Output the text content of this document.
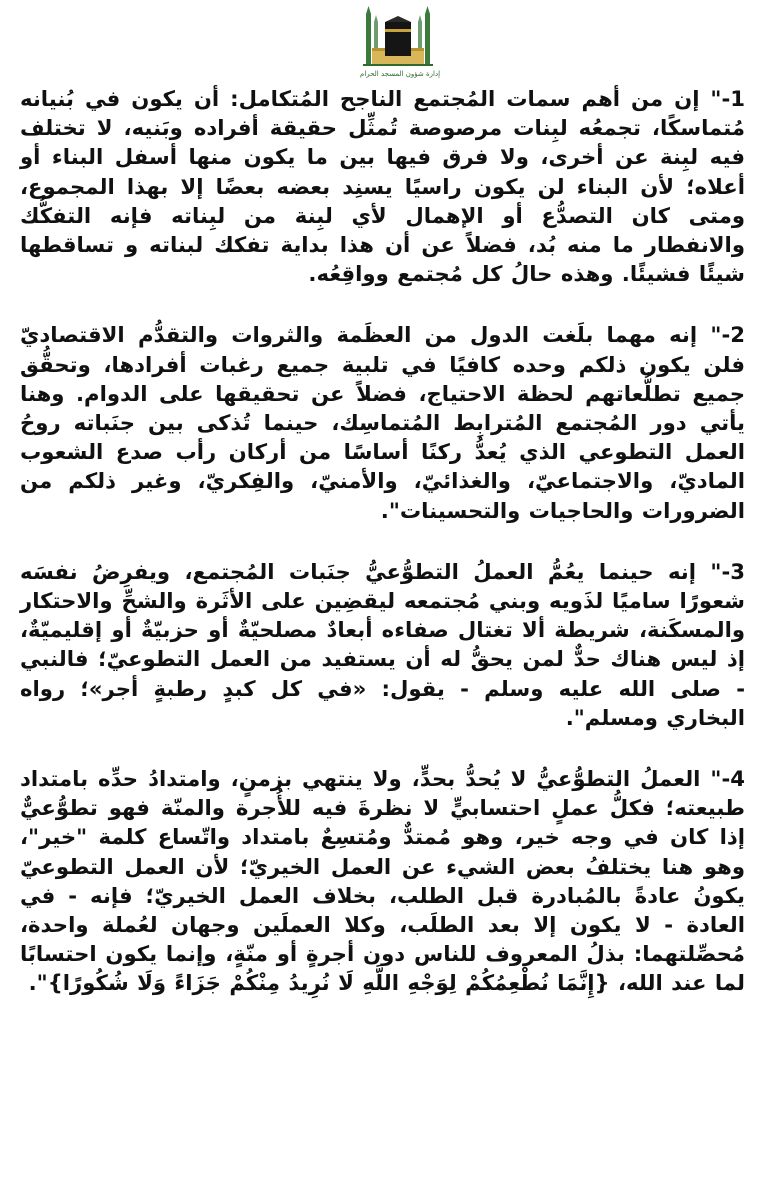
إدارة شؤون المسجد الحرام

1-" إن من أهم سمات المُجتمع الناجح المُتكامل: أن يكون في بُنيانه مُتماسكًا، تجمعُه لبِنات مرصوصة تُمثِّل حقيقة أفراده وبَنيه، لا تختلف فيه لبِنة عن أخرى، ولا فرق فيها بين ما يكون منها أسفل البناء أو أعلاه؛ لأن البناء لن يكون راسيًا يسنِد بعضه بعضًا إلا بهذا المجموع، ومتى كان التصدُّع أو الإهمال لأي لبِنة من لبِناته فإنه التفكُّك والانفطار ما منه بُد، فضلاً عن أن هذا بداية تفكك لبناته و تساقطها شيئًا فشيئًا. وهذه حالُ كل مُجتمع وواقِعُه.

2-" إنه مهما بلَغت الدول من العظَمة والثروات والتقدُّم الاقتصاديّ فلن يكون ذلكم وحده كافيًا في تلبية جميع رغبات أفرادها، وتحقُّق جميع تطلُّعاتهم لحظة الاحتياج، فضلاً عن تحقيقها على الدوام. وهنا يأتي دور المُجتمع المُترابِط المُتماسِك، حينما تُذكى بين جنَباته روحُ العمل التطوعي الذي يُعدُّ ركنًا أساسًا من أركان رأب صدع الشعوب الماديّ، والاجتماعيّ، والغذائيّ، والأمنيّ، والفِكريّ، وغير ذلكم من الضرورات والحاجيات والتحسينات".

3-" إنه حينما يعُمُّ العملُ التطوُّعيُّ جنَبات المُجتمع، ويفرِضُ نفسَه شعورًا ساميًا لذَويه وبني مُجتمعه ليقضِين على الأثَرة والشحِّ والاحتكار والمسكَنة، شريطة ألا تغتال صفاءه أبعادٌ مصلحيّةٌ أو حزبيّةٌ أو إقليميّةٌ، إذ ليس هناك حدٌّ لمن يحقُّ له أن يستفيد من العمل التطوعيّ؛ فالنبي - صلى الله عليه وسلم - يقول: «في كل كبدٍ رطبةٍ أجر»؛ رواه البخاري ومسلم".

4-" العملُ التطوُّعيُّ لا يُحدُّ بحدٍّ، ولا ينتهي بزمنٍ، وامتدادُ حدِّه بامتداد طبيعته؛ فكلُّ عملٍ احتسابيٍّ لا نظرةَ فيه للأُجرة والمنّة فهو تطوُّعيٌّ إذا كان في وجه خير، وهو مُمتدٌّ ومُتسِعٌ بامتداد واتّساع كلمة "خير"، وهو هنا يختلفُ بعض الشيء عن العمل الخيريّ؛ لأن العمل التطوعيّ يكونُ عادةً بالمُبادرة قبل الطلب، بخلاف العمل الخيريّ؛ فإنه - في العادة - لا يكون إلا بعد الطلَب، وكلا العملَين وجهان لعُملة واحدة، مُحصِّلتهما: بذلُ المعروف للناس دون أجرةٍ أو منّةٍ، وإنما يكون احتسابًا لما عند الله، {إِنَّمَا نُطْعِمُكُمْ لِوَجْهِ اللَّهِ لَا نُرِيدُ مِنْكُمْ جَزَاءً وَلَا شُكُورًا}".
